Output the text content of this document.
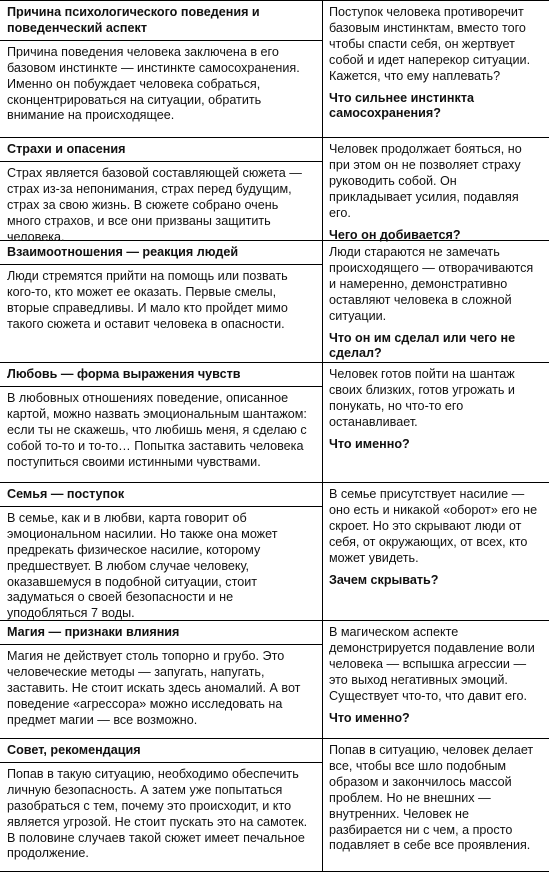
Причина психологического поведения и поведенческий аспект

Причина поведения человека заключена в его базовом инстинкте — инстинкте самосохранения. Именно он побуждает человека собраться, сконцентрироваться на ситуации, обратить внимание на происходящее.

Поступок человека противоречит базовым инстинктам, вместо того чтобы спасти себя, он жертвует собой и идет наперекор ситуации. Кажется, что ему наплевать?

Что сильнее инстинкта самосохранения?

Страхи и опасения

Страх является базовой составляющей сюжета — страх из-за непонимания, страх перед будущим, страх за свою жизнь. В сюжете собрано очень много страхов, и все они призваны защитить человека.

Человек продолжает бояться, но при этом он не позволяет страху руководить собой. Он прикладывает усилия, подавляя его.

Чего он добивается?

Взаимоотношения — реакция людей

Люди стремятся прийти на помощь или позвать кого-то, кто может ее оказать. Первые смелы, вторые справедливы. И мало кто пройдет мимо такого сюжета и оставит человека в опасности.

Люди стараются не замечать происходящего — отворачиваются и намеренно, демонстративно оставляют человека в сложной ситуации.

Что он им сделал или чего не сделал?

Любовь — форма выражения чувств

В любовных отношениях поведение, описанное картой, можно назвать эмоциональным шантажом: если ты не скажешь, что любишь меня, я сделаю с собой то-то и то-то… Попытка заставить человека поступиться своими истинными чувствами.

Человек готов пойти на шантаж своих близких, готов угрожать и понукать, но что-то его останавливает.

Что именно?

Семья — поступок

В семье, как и в любви, карта говорит об эмоциональном насилии. Но также она может предрекать физическое насилие, которому предшествует. В любом случае человеку, оказавшемуся в подобной ситуации, стоит задуматься о своей безопасности и не уподобляться 7 воды.

В семье присутствует насилие — оно есть и никакой «оборот» его не скроет. Но это скрывают люди от себя, от окружающих, от всех, кто может увидеть.

Зачем скрывать?

Магия — признаки влияния

Магия не действует столь топорно и грубо. Это человеческие методы — запугать, напугать, заставить. Не стоит искать здесь аномалий. А вот поведение «агрессора» можно исследовать на предмет магии — все возможно.

В магическом аспекте демонстрируется подавление воли человека — вспышка агрессии — это выход негативных эмоций. Существует что-то, что давит его.

Что именно?

Совет, рекомендация

Попав в такую ситуацию, необходимо обеспечить личную безопасность. А затем уже попытаться разобраться с тем, почему это происходит, и кто является угрозой. Не стоит пускать это на самотек. В половине случаев такой сюжет имеет печальное продолжение.

Попав в ситуацию, человек делает все, чтобы все шло подобным образом и закончилось массой проблем. Но не внешних — внутренних. Человек не разбирается ни с чем, а просто подавляет в себе все проявления.
